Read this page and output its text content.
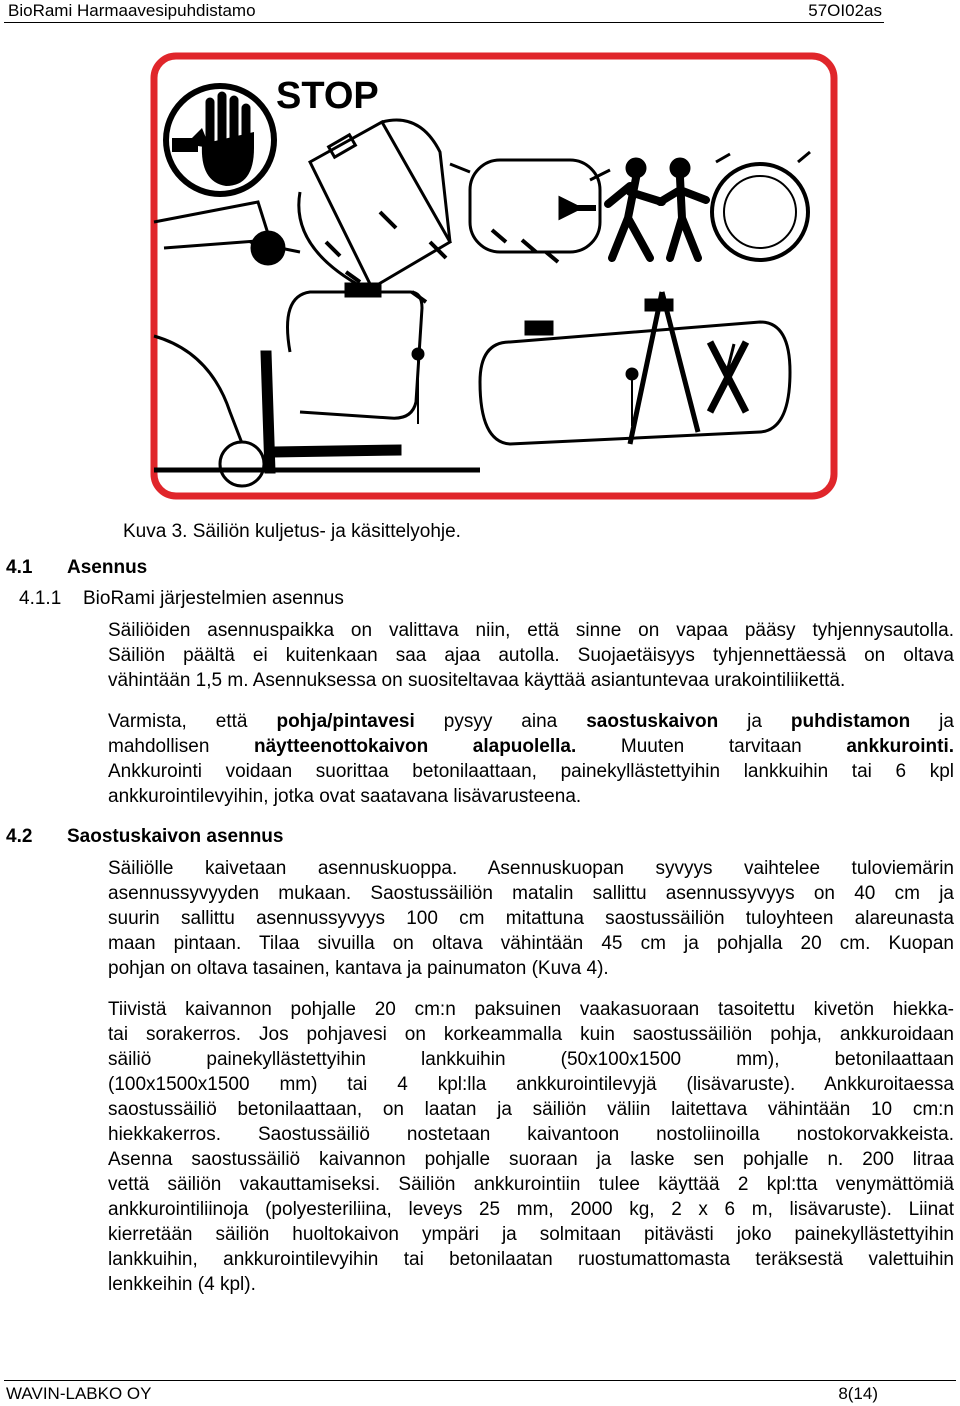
BioRami Harmaavesipuhdistamo	57OI02as
STOP
Kuva 3. Säiliön kuljetus- ja käsittelyohje.
4.1 Asennus
4.1.1 BioRami järjestelmien asennus
Säiliöiden asennuspaikka on valittava niin, että sinne on vapaa pääsy tyhjennysautolla.
Säiliön päältä ei kuitenkaan saa ajaa autolla. Suojaetäisyys tyhjennettäessä on oltava
vähintään 1,5 m. Asennuksessa on suositeltavaa käyttää asiantuntevaa urakointiliikettä.
Varmista, että pohja/pintavesi pysyy aina saostuskaivon ja puhdistamon ja
mahdollisen näytteenottokaivon alapuolella. Muuten tarvitaan ankkurointi.
Ankkurointi voidaan suorittaa betonilaattaan, painekyllästettyihin lankkuihin tai 6 kpl
ankkurointilevyihin, jotka ovat saatavana lisävarusteena.
4.2 Saostuskaivon asennus
Säiliölle kaivetaan asennuskuoppa. Asennuskuopan syvyys vaihtelee tuloviemärin
asennussyvyyden mukaan. Saostussäiliön matalin sallittu asennussyvyys on 40 cm ja
suurin sallittu asennussyvyys 100 cm mitattuna saostussäiliön tuloyhteen alareunasta
maan pintaan. Tilaa sivuilla on oltava vähintään 45 cm ja pohjalla 20 cm. Kuopan
pohjan on oltava tasainen, kantava ja painumaton (Kuva 4).
Tiivistä kaivannon pohjalle 20 cm:n paksuinen vaakasuoraan tasoitettu kivetön hiekka-
tai sorakerros. Jos pohjavesi on korkeammalla kuin saostussäiliön pohja, ankkuroidaan
säiliö painekyllästettyihin lankkuihin (50x100x1500 mm), betonilaattaan
(100x1500x1500 mm) tai 4 kpl:lla ankkurointilevyjä (lisävaruste). Ankkuroitaessa
saostussäiliö betonilaattaan, on laatan ja säiliön väliin laitettava vähintään 10 cm:n
hiekkakerros. Saostussäiliö nostetaan kaivantoon nostoliinoilla nostokorvakkeista.
Asenna saostussäiliö kaivannon pohjalle suoraan ja laske sen pohjalle n. 200 litraa
vettä säiliön vakauttamiseksi. Säiliön ankkurointiin tulee käyttää 2 kpl:tta venymättömiä
ankkurointiliinoja (polyesteriliina, leveys 25 mm, 2000 kg, 2 x 6 m, lisävaruste). Liinat
kierretään säiliön huoltokaivon ympäri ja solmitaan pitävästi joko painekyllästettyihin
lankkuihin, ankkurointilevyihin tai betonilaatan ruostumattomasta teräksestä valettuihin
lenkkeihin (4 kpl).
WAVIN-LABKO OY	8(14)
